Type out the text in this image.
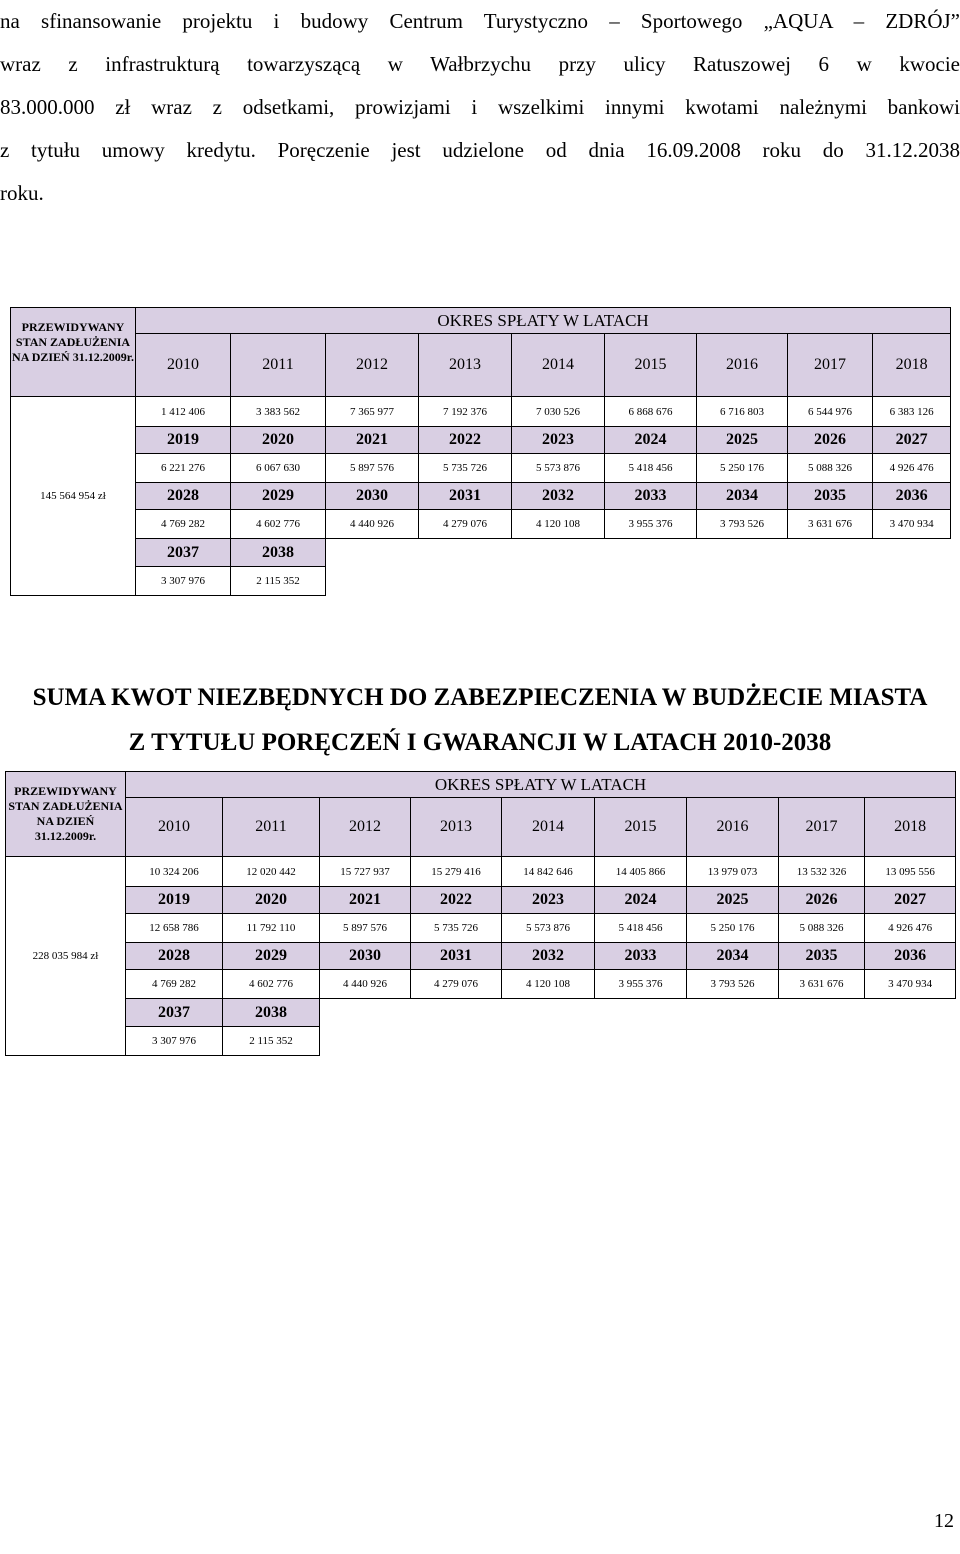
na sfinansowanie projektu i budowy Centrum Turystyczno – Sportowego „AQUA – ZDRÓJ”
wraz z infrastrukturą towarzyszącą w Wałbrzychu przy ulicy Ratuszowej 6 w kwocie
83.000.000 zł wraz z odsetkami, prowizjami i wszelkimi innymi kwotami należnymi bankowi
z tytułu umowy kredytu. Poręczenie jest udzielone od dnia 16.09.2008 roku do 31.12.2038
roku.
PRZEWIDYWANY STAN ZADŁUŻENIA NA DZIEŃ 31.12.2009r.	OKRES SPŁATY W LATACH								
	2010	2011	2012	2013	2014	2015	2016	2017	2018
145 564 954 zł	1 412 406	3 383 562	7 365 977	7 192 376	7 030 526	6 868 676	6 716 803	6 544 976	6 383 126
	2019	2020	2021	2022	2023	2024	2025	2026	2027
	6 221 276	6 067 630	5 897 576	5 735 726	5 573 876	5 418 456	5 250 176	5 088 326	4 926 476
	2028	2029	2030	2031	2032	2033	2034	2035	2036
	4 769 282	4 602 776	4 440 926	4 279 076	4 120 108	3 955 376	3 793 526	3 631 676	3 470 934
	2037	2038							
	3 307 976	2 115 352							
SUMA KWOT NIEZBĘDNYCH DO ZABEZPIECZENIA W BUDŻECIE MIASTA
Z TYTUŁU PORĘCZEŃ I GWARANCJI W LATACH 2010-2038
PRZEWIDYWANY STAN ZADŁUŻENIA NA DZIEŃ 31.12.2009r.	OKRES SPŁATY W LATACH								
	2010	2011	2012	2013	2014	2015	2016	2017	2018
228 035 984 zł	10 324 206	12 020 442	15 727 937	15 279 416	14 842 646	14 405 866	13 979 073	13 532 326	13 095 556
	2019	2020	2021	2022	2023	2024	2025	2026	2027
	12 658 786	11 792 110	5 897 576	5 735 726	5 573 876	5 418 456	5 250 176	5 088 326	4 926 476
	2028	2029	2030	2031	2032	2033	2034	2035	2036
	4 769 282	4 602 776	4 440 926	4 279 076	4 120 108	3 955 376	3 793 526	3 631 676	3 470 934
	2037	2038							
	3 307 976	2 115 352							
12
